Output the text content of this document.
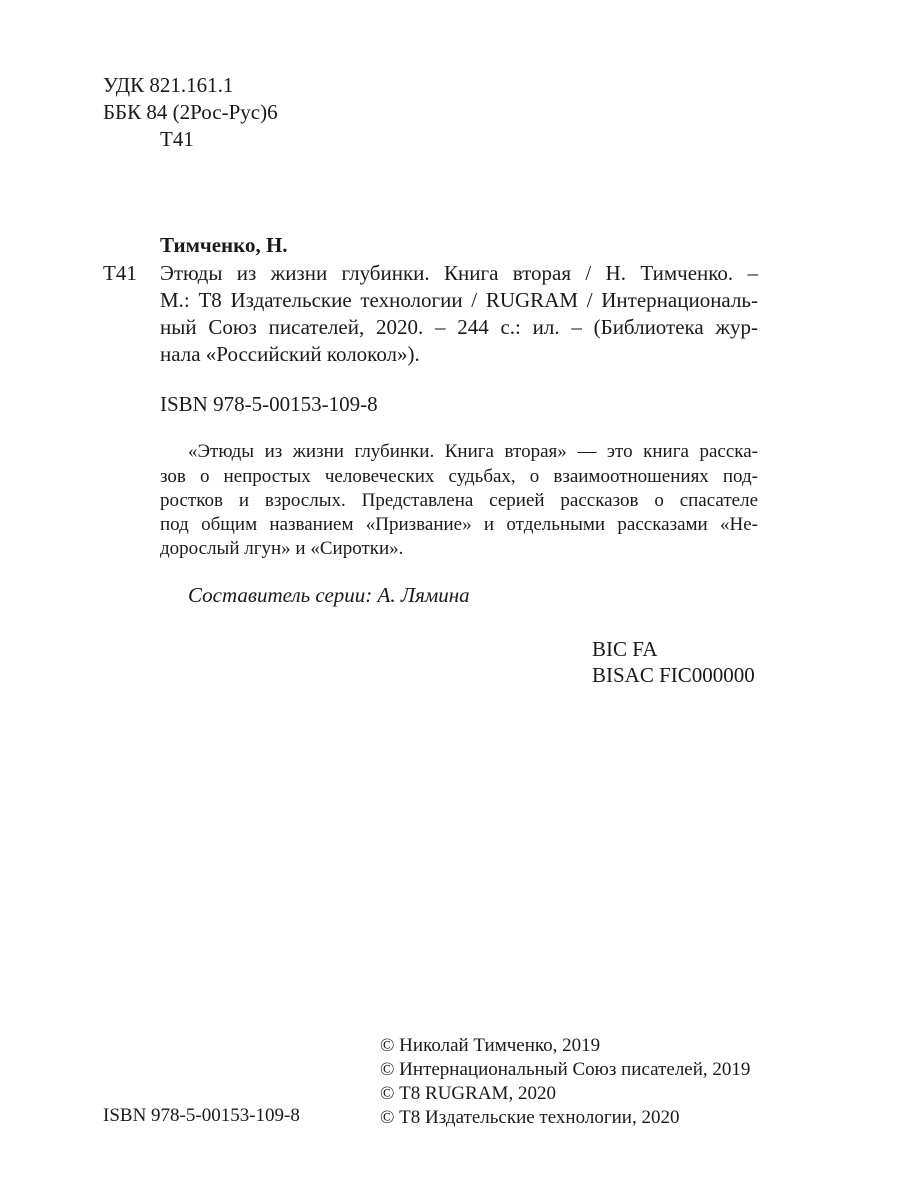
УДК 821.161.1
ББК 84 (2Рос-Рус)6
Т41
Тимченко, Н.
Т41 Этюды из жизни глубинки. Книга вторая / Н. Тимченко. –
М.: Т8 Издательские технологии / RUGRAM / Интернациональ-
ный Союз писателей, 2020. – 244 с.: ил. – (Библиотека жур-
нала «Российский колокол»).
ISBN 978-5-00153-109-8
«Этюды из жизни глубинки. Книга вторая» — это книга расска-
зов о непростых человеческих судьбах, о взаимоотношениях под-
ростков и взрослых. Представлена серией рассказов о спасателе
под общим названием «Призвание» и отдельными рассказами «Не-
дорослый лгун» и «Сиротки».
Составитель серии: А. Лямина
BIC FA
BISAC FIC000000
© Николай Тимченко, 2019
© Интернациональный Союз писателей, 2019
© Т8 RUGRAM, 2020
© Т8 Издательские технологии, 2020
ISBN 978-5-00153-109-8
